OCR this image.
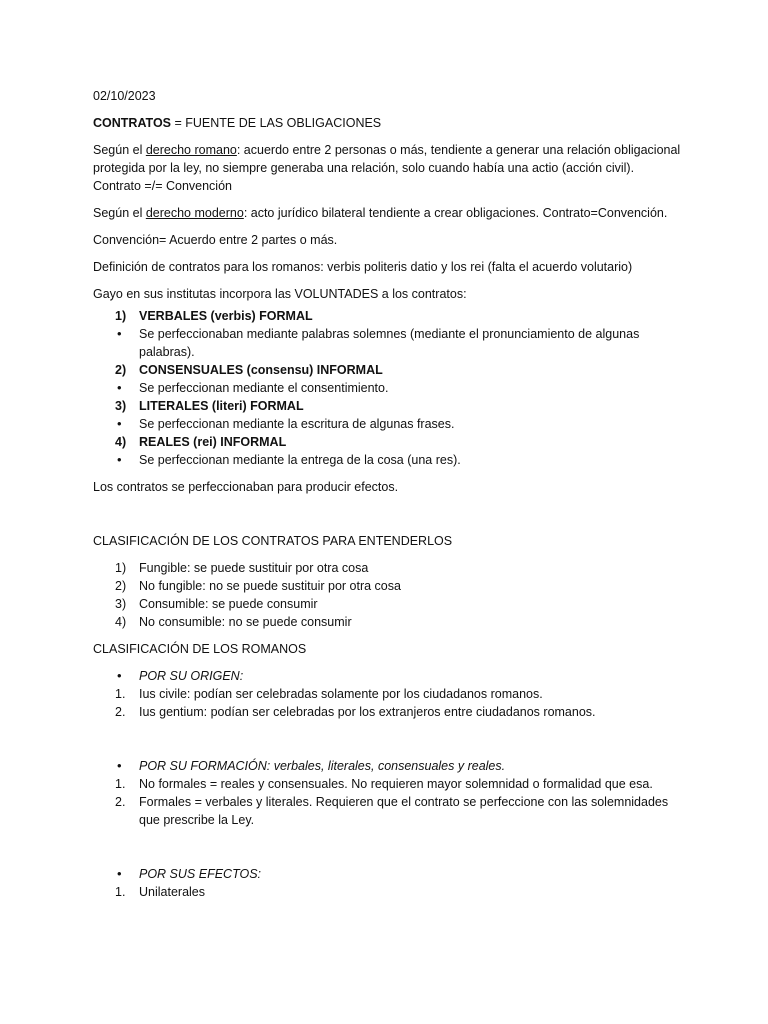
02/10/2023

CONTRATOS = FUENTE DE LAS OBLIGACIONES

Según el derecho romano: acuerdo entre 2 personas o más, tendiente a generar una relación obligacional protegida por la ley, no siempre generaba una relación, solo cuando había una actio (acción civil). Contrato =/= Convención

Según el derecho moderno: acto jurídico bilateral tendiente a crear obligaciones. Contrato=Convención.

Convención= Acuerdo entre 2 partes o más.

Definición de contratos para los romanos: verbis politeris datio y los rei (falta el acuerdo volutario)

Gayo en sus institutas incorpora las VOLUNTADES a los contratos:

1) VERBALES (verbis) FORMAL
• Se perfeccionaban mediante palabras solemnes (mediante el pronunciamiento de algunas palabras).
2) CONSENSUALES (consensu) INFORMAL
• Se perfeccionan mediante el consentimiento.
3) LITERALES (literi) FORMAL
• Se perfeccionan mediante la escritura de algunas frases.
4) REALES (rei) INFORMAL
• Se perfeccionan mediante la entrega de la cosa (una res).

Los contratos se perfeccionaban para producir efectos.

CLASIFICACIÓN DE LOS CONTRATOS PARA ENTENDERLOS

1) Fungible: se puede sustituir por otra cosa
2) No fungible: no se puede sustituir por otra cosa
3) Consumible: se puede consumir
4) No consumible: no se puede consumir

CLASIFICACIÓN DE LOS ROMANOS

• POR SU ORIGEN:
1. Ius civile: podían ser celebradas solamente por los ciudadanos romanos.
2. Ius gentium: podían ser celebradas por los extranjeros entre ciudadanos romanos.
• POR SU FORMACIÓN: verbales, literales, consensuales y reales.
1. No formales = reales y consensuales. No requieren mayor solemnidad o formalidad que esa.
2. Formales = verbales y literales. Requieren que el contrato se perfeccione con las solemnidades que prescribe la Ley.
• POR SUS EFECTOS:
1. Unilaterales
